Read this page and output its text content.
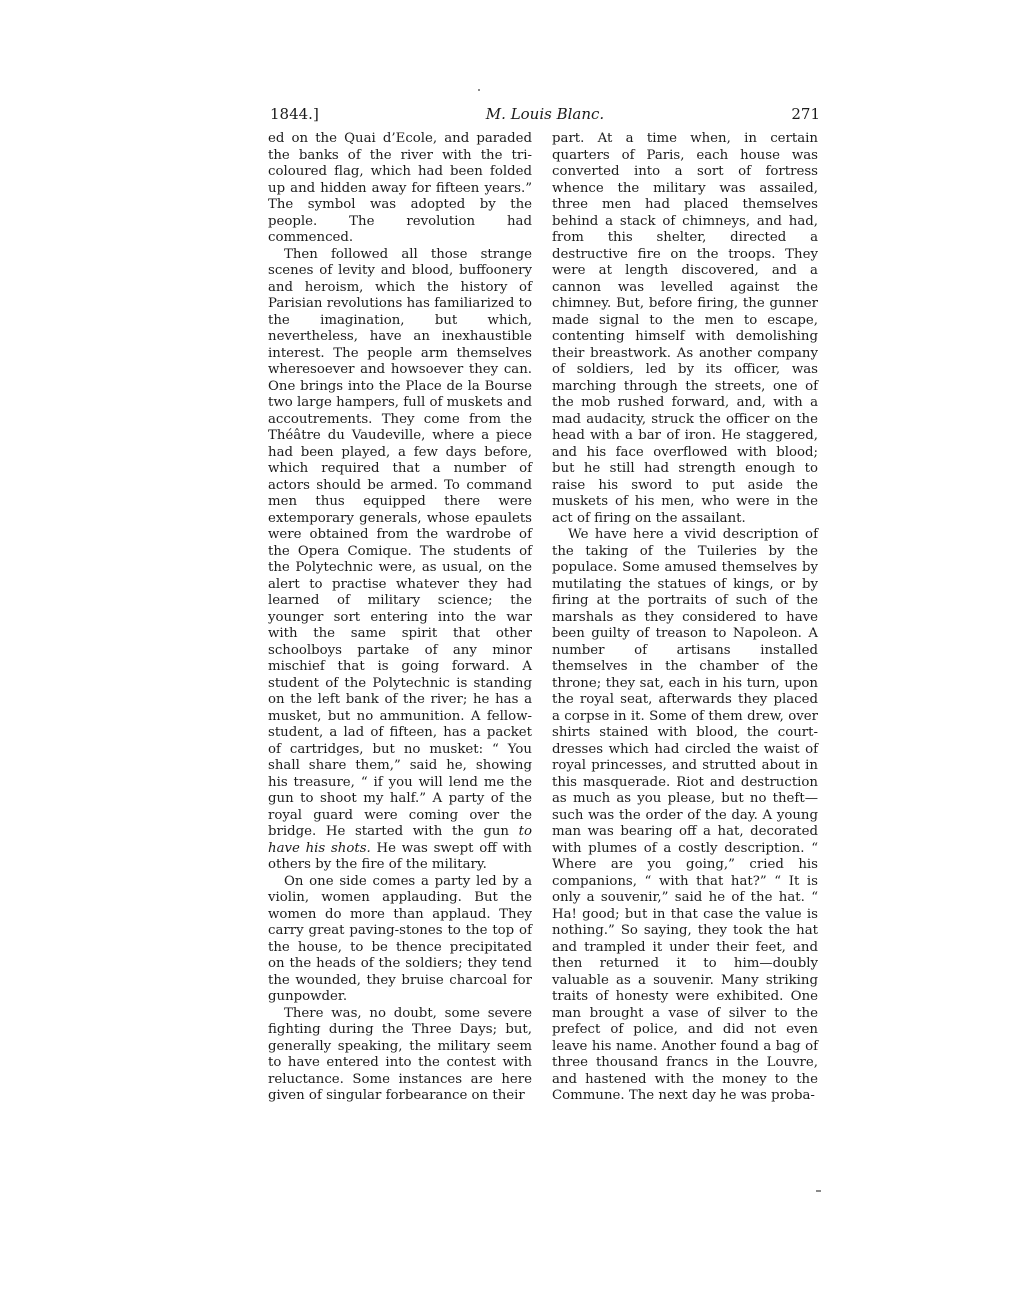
1844.]	M. Louis Blanc.	271

ed on the Quai d’Ecole, and paraded the banks of the river with the tri-coloured flag, which had been folded up and hidden away for fifteen years.” The symbol was adopted by the people. The revolution had commenced.

Then followed all those strange scenes of levity and blood, buffoonery and heroism, which the history of Parisian revolutions has familiarized to the imagination, but which, nevertheless, have an inexhaustible interest. The people arm themselves wheresoever and howsoever they can. One brings into the Place de la Bourse two large hampers, full of muskets and accoutrements. They come from the Théâtre du Vaudeville, where a piece had been played, a few days before, which required that a number of actors should be armed. To command men thus equipped there were extemporary generals, whose epaulets were obtained from the wardrobe of the Opera Comique. The students of the Polytechnic were, as usual, on the alert to practise whatever they had learned of military science; the younger sort entering into the war with the same spirit that other schoolboys partake of any minor mischief that is going forward. A student of the Polytechnic is standing on the left bank of the river; he has a musket, but no ammunition. A fellow-student, a lad of fifteen, has a packet of cartridges, but no musket: “ You shall share them,” said he, showing his treasure, “ if you will lend me the gun to shoot my half.” A party of the royal guard were coming over the bridge. He started with the gun to have his shots. He was swept off with others by the fire of the military.

On one side comes a party led by a violin, women applauding. But the women do more than applaud. They carry great paving-stones to the top of the house, to be thence precipitated on the heads of the soldiers; they tend the wounded, they bruise charcoal for gunpowder.

There was, no doubt, some severe fighting during the Three Days; but, generally speaking, the military seem to have entered into the contest with reluctance. Some instances are here given of singular forbearance on their

part. At a time when, in certain quarters of Paris, each house was converted into a sort of fortress whence the military was assailed, three men had placed themselves behind a stack of chimneys, and had, from this shelter, directed a destructive fire on the troops. They were at length discovered, and a cannon was levelled against the chimney. But, before firing, the gunner made signal to the men to escape, contenting himself with demolishing their breastwork. As another company of soldiers, led by its officer, was marching through the streets, one of the mob rushed forward, and, with a mad audacity, struck the officer on the head with a bar of iron. He staggered, and his face overflowed with blood; but he still had strength enough to raise his sword to put aside the muskets of his men, who were in the act of firing on the assailant.

We have here a vivid description of the taking of the Tuileries by the populace. Some amused themselves by mutilating the statues of kings, or by firing at the portraits of such of the marshals as they considered to have been guilty of treason to Napoleon. A number of artisans installed themselves in the chamber of the throne; they sat, each in his turn, upon the royal seat, afterwards they placed a corpse in it. Some of them drew, over shirts stained with blood, the court-dresses which had circled the waist of royal princesses, and strutted about in this masquerade. Riot and destruction as much as you please, but no theft—such was the order of the day. A young man was bearing off a hat, decorated with plumes of a costly description. “ Where are you going,” cried his companions, “ with that hat?” “ It is only a souvenir,” said he of the hat. “ Ha! good; but in that case the value is nothing.” So saying, they took the hat and trampled it under their feet, and then returned it to him—doubly valuable as a souvenir. Many striking traits of honesty were exhibited. One man brought a vase of silver to the prefect of police, and did not even leave his name. Another found a bag of three thousand francs in the Louvre, and hastened with the money to the Commune. The next day he was proba-
